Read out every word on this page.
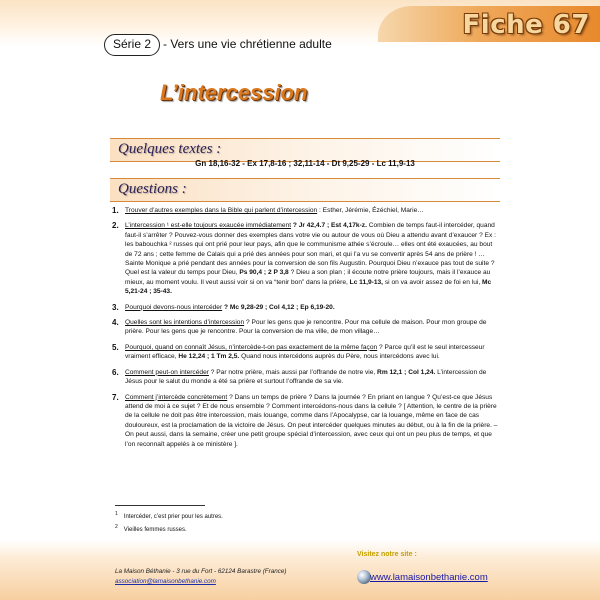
Fiche 67
Série 2 - Vers une vie chrétienne adulte
L’intercession
Quelques textes :
Gn 18,16-32 - Ex 17,8-16 ; 32,11-14 - Dt 9,25-29 - Lc 11,9-13
Questions :
1. Trouver d’autres exemples dans la Bible qui parlent d’intercession : Esther, Jérémie, Ézéchiel, Marie…
2. L’intercession ¹ est-elle toujours exaucée immédiatement ? Jr 42,4.7 ; Est 4,17k-z. Combien de temps faut-il intercéder, quand faut-il s’arrêter ? Pouvez-vous donner des exemples dans votre vie ou autour de vous où Dieu a attendu avant d’exaucer ? Ex : les babouchka ² russes qui ont prié pour leur pays, afin que le communisme athée s’écroule… elles ont été exaucées, au bout de 72 ans ; cette femme de Calais qui a prié des années pour son mari, et qui l’a vu se convertir après 54 ans de prière ! … Sainte Monique a prié pendant des années pour la conversion de son fils Augustin. Pourquoi Dieu n’exauce pas tout de suite ? Quel est la valeur du temps pour Dieu, Ps 90,4 ; 2 P 3,8 ? Dieu a son plan ; il écoute notre prière toujours, mais il l’exauce au mieux, au moment voulu. Il veut aussi voir si on va “tenir bon” dans la prière, Lc 11,9-13, si on va avoir assez de foi en lui, Mc 5,21-24 ; 35-43.
3. Pourquoi devons-nous intercéder ? Mc 9,28-29 ; Col 4,12 ; Ep 6,19-20.
4. Quelles sont les intentions d’intercession ? Pour les gens que je rencontre. Pour ma cellule de maison. Pour mon groupe de prière. Pour les gens que je rencontre. Pour la conversion de ma ville, de mon village…
5. Pourquoi, quand on connaît Jésus, n’intercède-t-on pas exactement de la même façon ? Parce qu’il est le seul intercesseur vraiment efficace, He 12,24 ; 1 Tm 2,5. Quand nous intercédons auprès du Père, nous intercédons avec lui.
6. Comment peut-on intercéder ? Par notre prière, mais aussi par l’offrande de notre vie, Rm 12,1 ; Col 1,24. L’intercession de Jésus pour le salut du monde a été sa prière et surtout l’offrande de sa vie.
7. Comment j’intercède concrètement ? Dans un temps de prière ? Dans la journée ? En priant en langue ? Qu’est-ce que Jésus attend de moi à ce sujet ? Et de nous ensemble ? Comment intercédons-nous dans la cellule ? [ Attention, le centre de la prière de la cellule ne doit pas être intercession, mais louange, comme dans l’Apocalypse, car la louange, même en face de cas douloureux, est la proclamation de la victoire de Jésus. On peut intercéder quelques minutes au début, ou à la fin de la prière. – On peut aussi, dans la semaine, créer une petit groupe spécial d’intercession, avec ceux qui ont un peu plus de temps, et que l’on reconnaît appelés à ce ministère ].
$^1$ Intercéder, c’est prier pour les autres.
$^2$ Vieilles femmes russes.
La Maison Béthanie - 3 rue du Fort - 62124 Barastre (France)
association@lamaisonbethanie.com
Visitez notre site :
www.lamaisonbethanie.com
